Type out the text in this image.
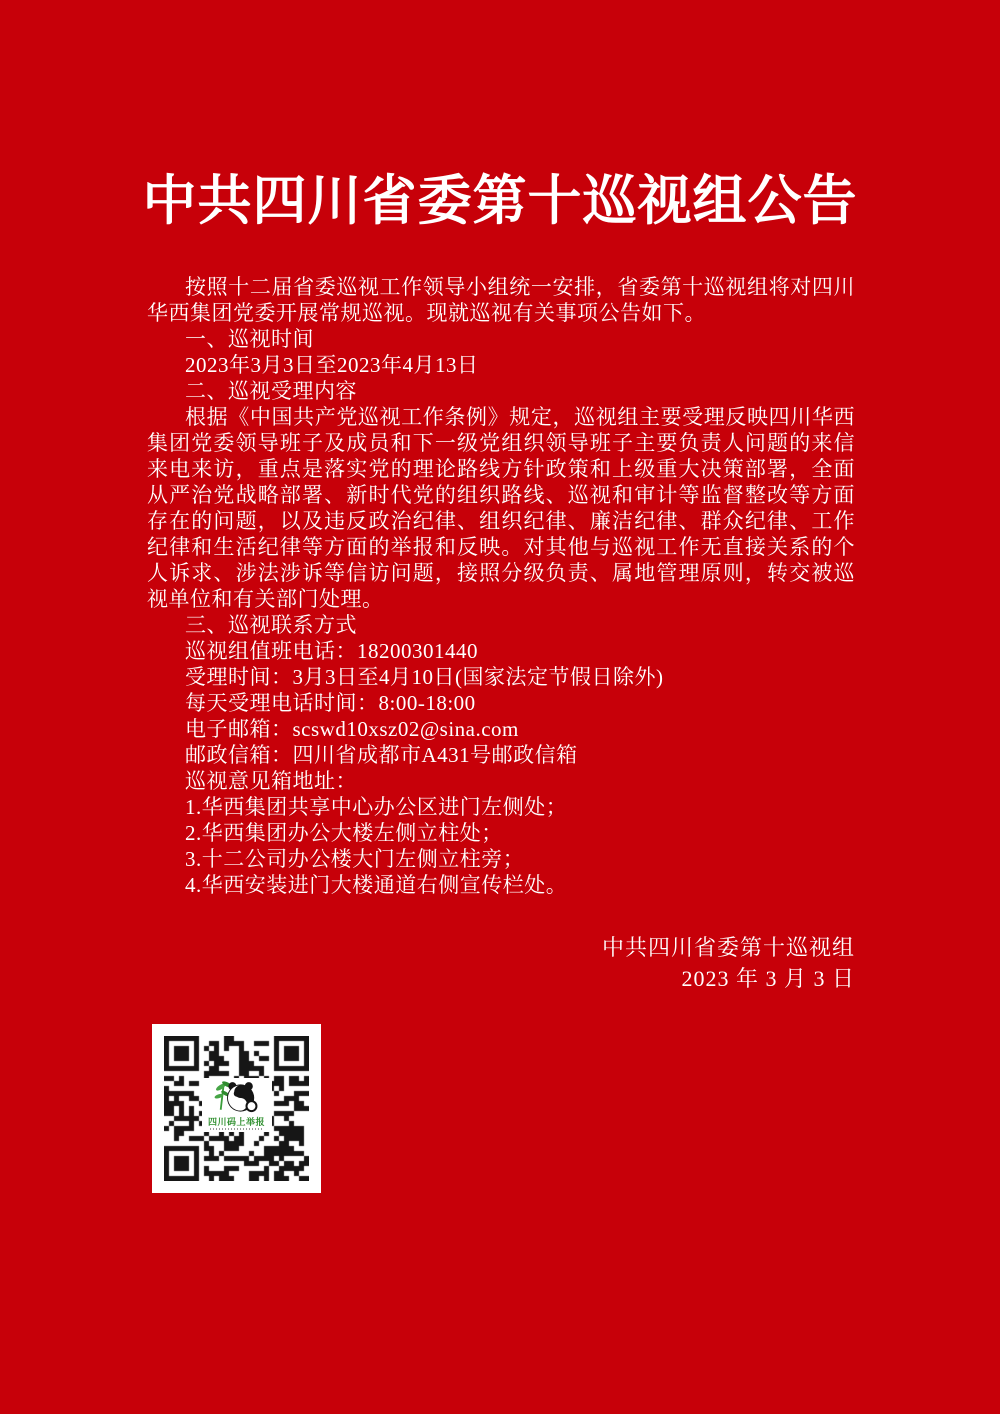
中共四川省委第十巡视组公告

按照十二届省委巡视工作领导小组统一安排，省委第十巡视组将对四川华西集团党委开展常规巡视。现就巡视有关事项公告如下。

一、巡视时间

2023年3月3日至2023年4月13日

二、巡视受理内容

根据《中国共产党巡视工作条例》规定，巡视组主要受理反映四川华西集团党委领导班子及成员和下一级党组织领导班子主要负责人问题的来信来电来访，重点是落实党的理论路线方针政策和上级重大决策部署，全面从严治党战略部署、新时代党的组织路线、巡视和审计等监督整改等方面存在的问题，以及违反政治纪律、组织纪律、廉洁纪律、群众纪律、工作纪律和生活纪律等方面的举报和反映。对其他与巡视工作无直接关系的个人诉求、涉法涉诉等信访问题，接照分级负责、属地管理原则，转交被巡视单位和有关部门处理。

三、巡视联系方式

巡视组值班电话：18200301440

受理时间：3月3日至4月10日(国家法定节假日除外)

每天受理电话时间：8:00-18:00

电子邮箱：scswd10xsz02@sina.com

邮政信箱：四川省成都市A431号邮政信箱

巡视意见箱地址：

1.华西集团共享中心办公区进门左侧处；

2.华西集团办公大楼左侧立柱处；

3.十二公司办公楼大门左侧立柱旁；

4.华西安装进门大楼通道右侧宣传栏处。

中共四川省委第十巡视组

2023 年 3 月 3 日

四川码上举报
